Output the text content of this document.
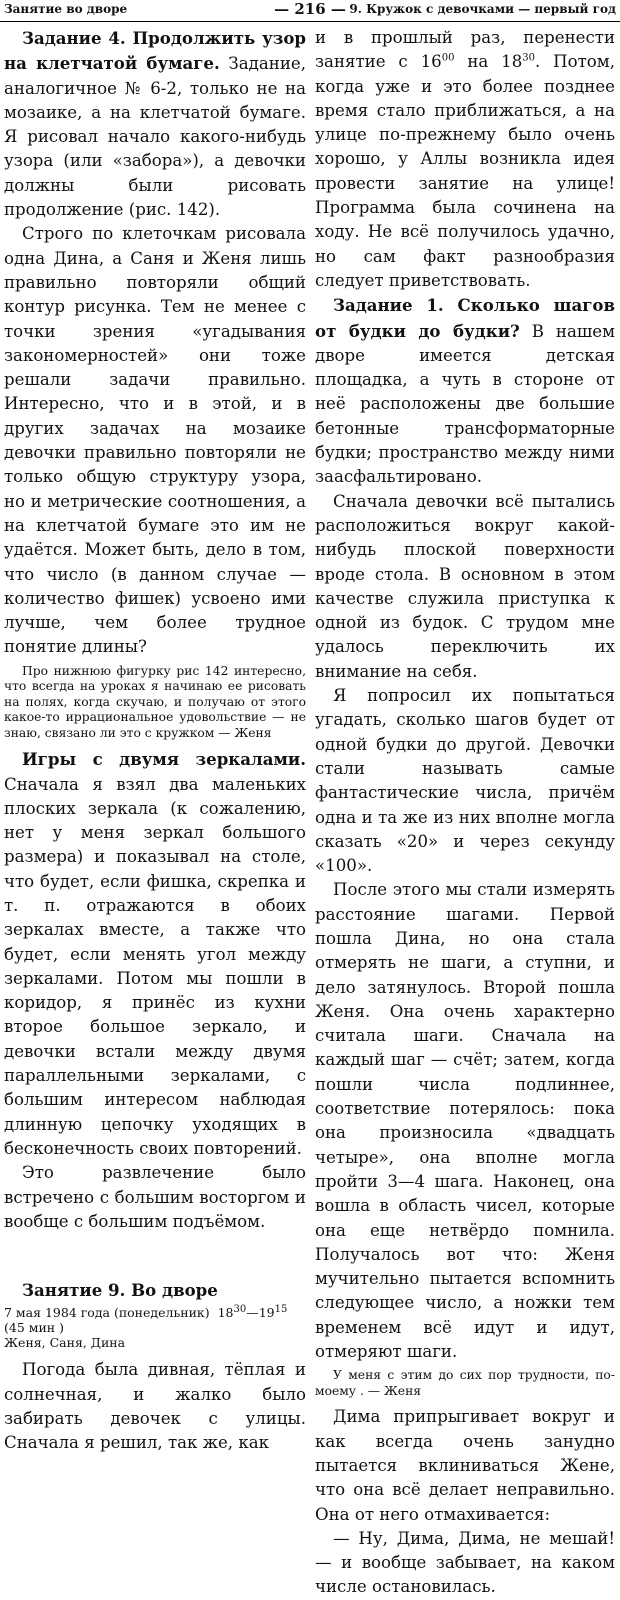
Занятие во дворе	— 216 — 9. Кружок с девочками — первый год

Задание 4. Продолжить узор на клетчатой бумаге. Задание, аналогичное № 6-2, только не на мозаике, а на клетчатой бумаге. Я рисовал начало какого-нибудь узора (или «забора»), а девочки должны были рисовать продолжение (рис. 142).

Строго по клеточкам рисовала одна Дина, а Саня и Женя лишь правильно повторяли общий контур рисунка. Тем не менее с точки зрения «угадывания закономерностей» они тоже решали задачи правильно. Интересно, что и в этой, и в других задачах на мозаике девочки правильно повторяли не только общую структуру узора, но и метрические соотношения, а на клетчатой бумаге это им не удаётся. Может быть, дело в том, что число (в данном случае — количество фишек) усвоено ими лучше, чем более трудное понятие длины?

Про нижнюю фигурку рис 142 интересно, что всегда на уроках я начинаю ее рисовать на полях, когда скучаю, и получаю от этого какое-то иррациональное удовольствие — не знаю, связано ли это с кружком — Женя

Игры с двумя зеркалами. Сначала я взял два маленьких плоских зеркала (к сожалению, нет у меня зеркал большого размера) и показывал на столе, что будет, если фишка, скрепка и т. п. отражаются в обоих зеркалах вместе, а также что будет, если менять угол между зеркалами. Потом мы пошли в коридор, я принёс из кухни второе большое зеркало, и девочки встали между двумя параллельными зеркалами, с большим интересом наблюдая длинную цепочку уходящих в бесконечность своих повторений.

Это развлечение было встречено с большим восторгом и вообще с большим подъёмом.

Занятие 9. Во дворе

7 мая 1984 года (понедельник) $18^{30}—19^{15}$ (45 мин )
Женя, Саня, Дина

Погода была дивная, тёплая и солнечная, и жалко было забирать девочек с улицы. Сначала я решил, так же, как

и в прошлый раз, перенести занятие с $16^{00}$ на $18^{30}$. Потом, когда уже и это более позднее время стало приближаться, а на улице по-прежнему было очень хорошо, у Аллы возникла идея провести занятие на улице! Программа была сочинена на ходу. Не всё получилось удачно, но сам факт разнообразия следует приветствовать.

Задание 1. Сколько шагов от будки до будки? В нашем дворе имеется детская площадка, а чуть в стороне от неё расположены две большие бетонные трансформаторные будки; пространство между ними заасфальтировано.

Сначала девочки всё пытались расположиться вокруг какой-нибудь плоской поверхности вроде стола. В основном в этом качестве служила приступка к одной из будок. С трудом мне удалось переключить их внимание на себя.

Я попросил их попытаться угадать, сколько шагов будет от одной будки до другой. Девочки стали называть самые фантастические числа, причём одна и та же из них вполне могла сказать «20» и через секунду «100».

После этого мы стали измерять расстояние шагами. Первой пошла Дина, но она стала отмерять не шаги, а ступни, и дело затянулось. Второй пошла Женя. Она очень характерно считала шаги. Сначала на каждый шаг — счёт; затем, когда пошли числа подлиннее, соответствие потерялось: пока она произносила «двадцать четыре», она вполне могла пройти 3—4 шага. Наконец, она вошла в область чисел, которые она еще нетвёрдо помнила. Получалось вот что: Женя мучительно пытается вспомнить следующее число, а ножки тем временем всё идут и идут, отмеряют шаги.

У меня с этим до сих пор трудности, по-моему . — Женя

Дима припрыгивает вокруг и как всегда очень занудно пытается вклиниваться Жене, что она всё делает неправильно. Она от него отмахивается:

— Ну, Дима, Дима, не мешай! — и вообще забывает, на каком числе остановилась.
